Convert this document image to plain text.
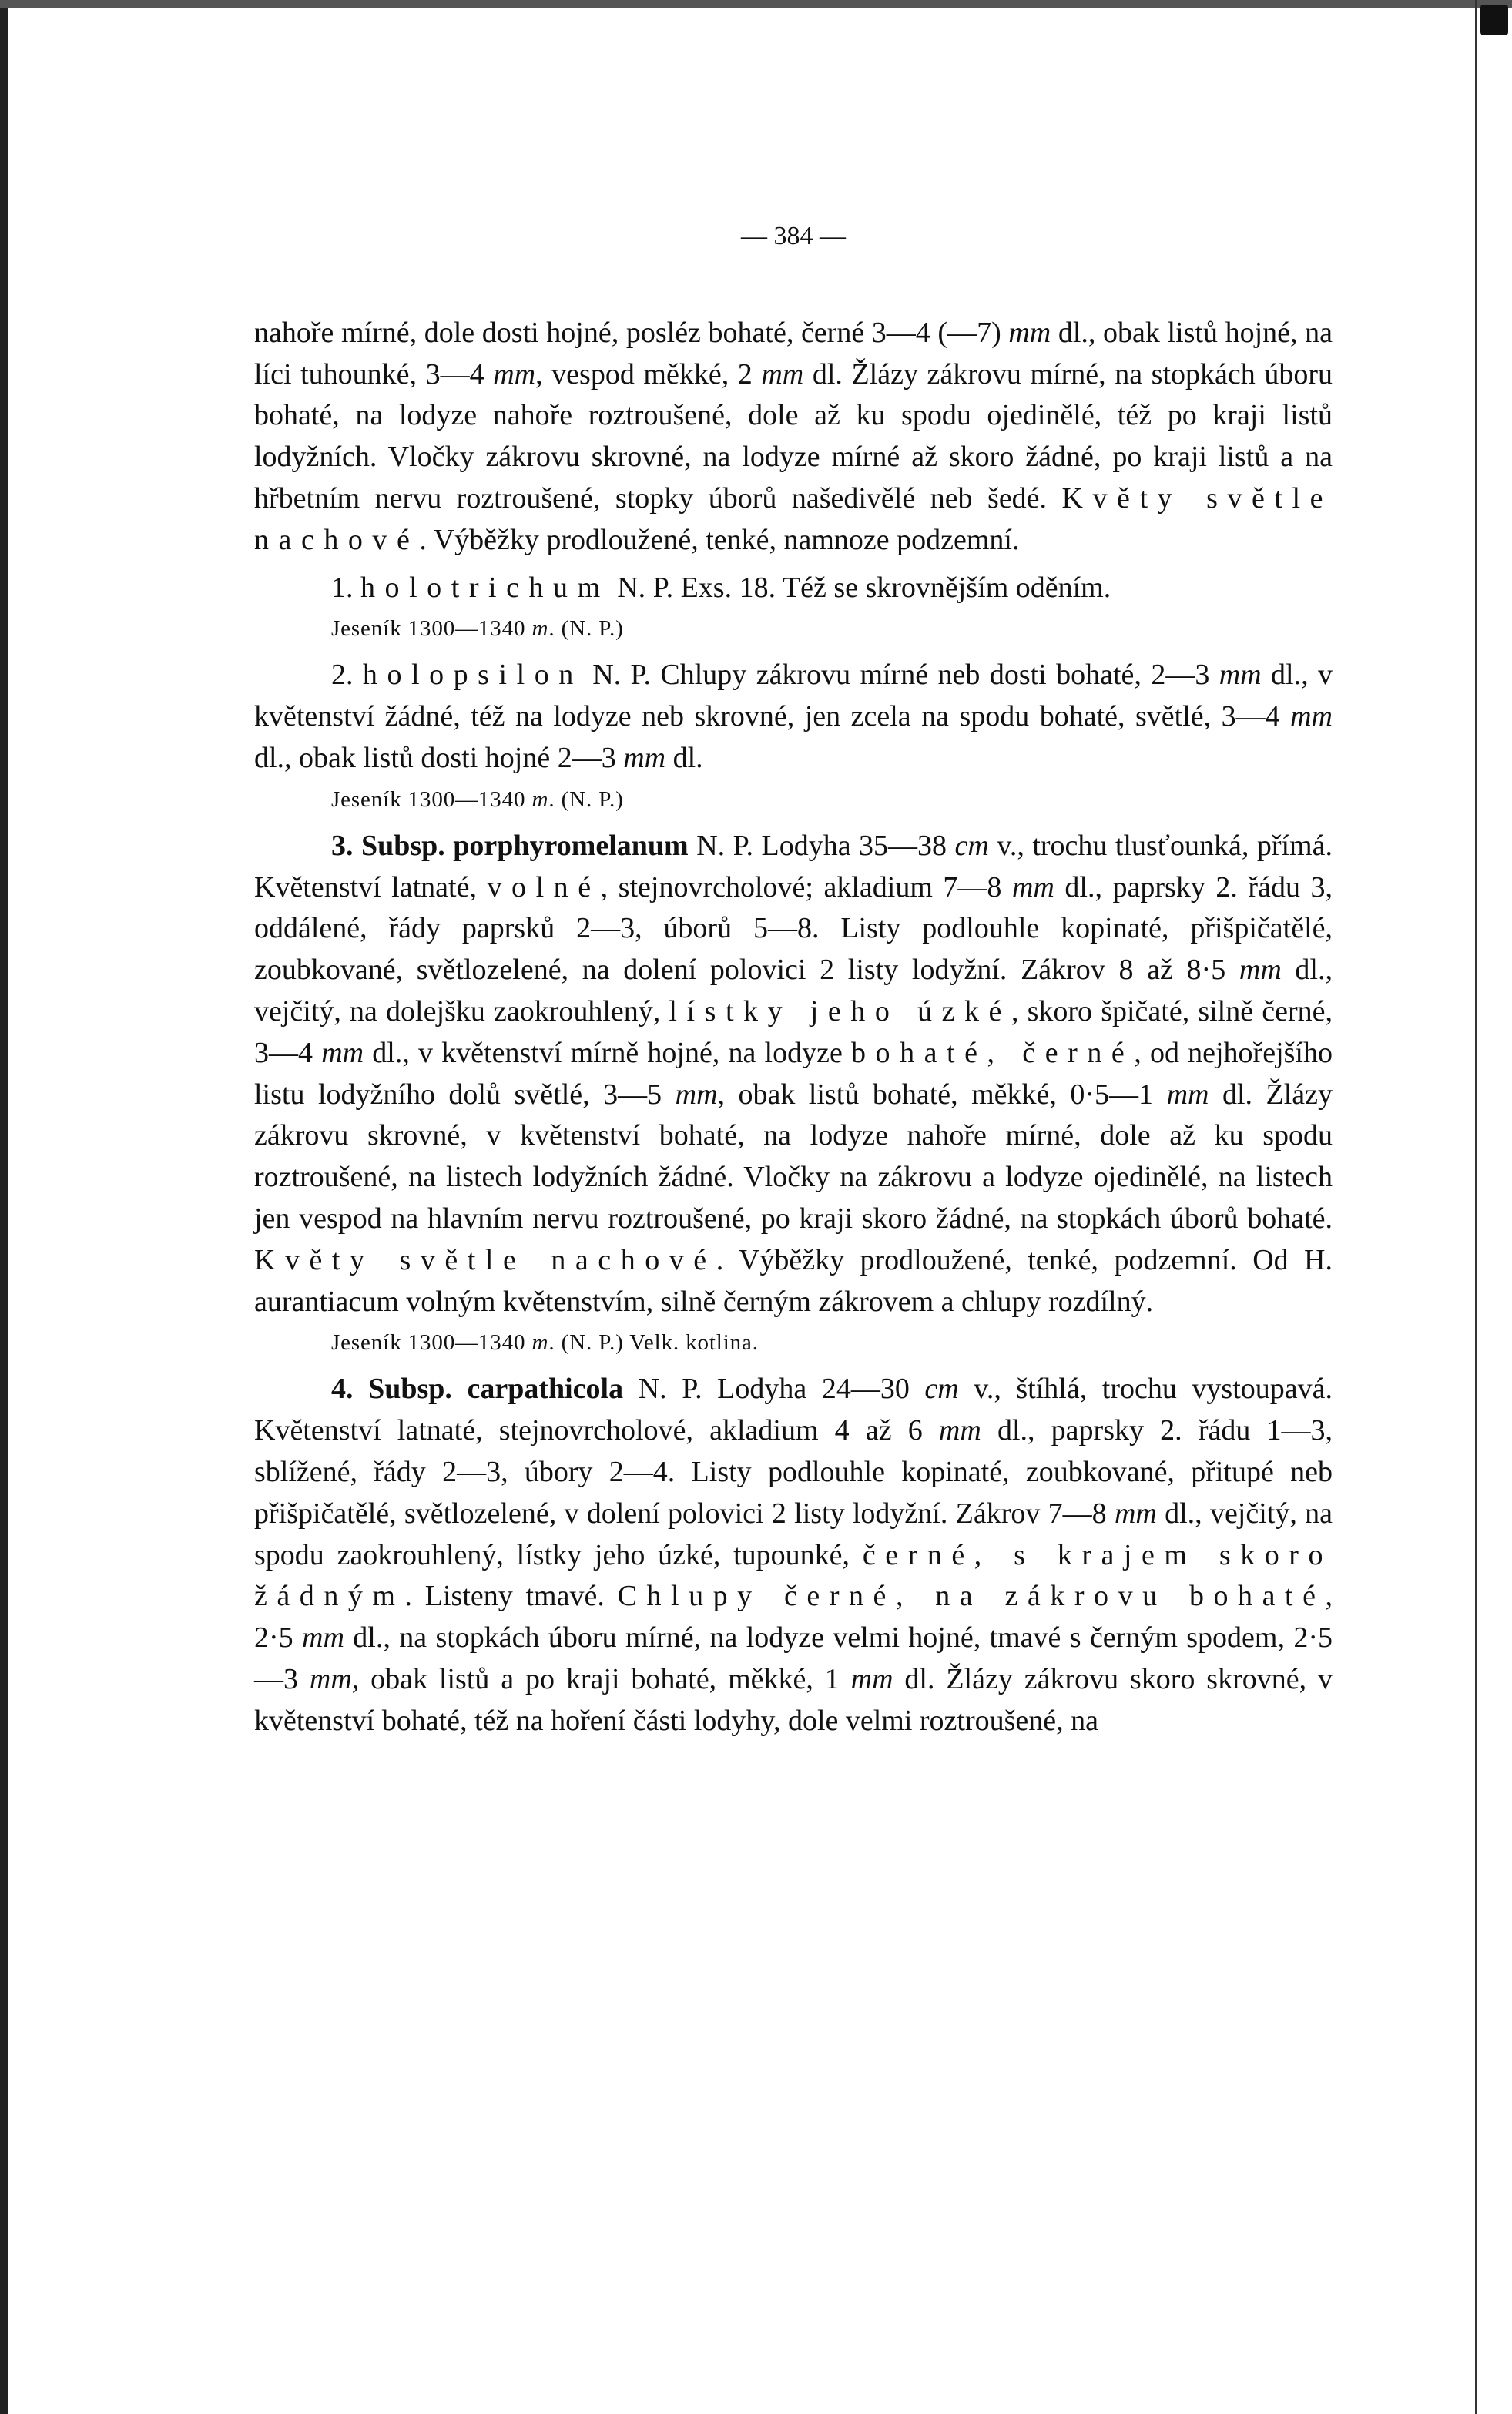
— 384 —

nahoře mírné, dole dosti hojné, posléz bohaté, černé 3—4 (—7) mm dl., obak listů hojné, na líci tuhounké, 3—4 mm, vespod měkké, 2 mm dl. Žlázy zákrovu mírné, na stopkách úboru bohaté, na lodyze nahoře roztroušené, dole až ku spodu ojedinělé, též po kraji listů lodyžních. Vločky zákrovu skrovné, na lodyze mírné až skoro žádné, po kraji listů a na hřbetním nervu roztroušené, stopky úborů našedivělé neb šedé. Květy světle nachové. Výběžky prodloužené, tenké, namnoze podzemní.

1. holotrichum N. P. Exs. 18. Též se skrovnějším oděním.

Jeseník 1300—1340 m. (N. P.)

2. holopsilon N. P. Chlupy zákrovu mírné neb dosti bohaté, 2—3 mm dl., v květenství žádné, též na lodyze neb skrovné, jen zcela na spodu bohaté, světlé, 3—4 mm dl., obak listů dosti hojné 2—3 mm dl.

Jeseník 1300—1340 m. (N. P.)

3. Subsp. porphyromelanum N. P. Lodyha 35—38 cm v., trochu tlusťounká, přímá. Květenství latnaté, volné, stejnovrcholové; akladium 7—8 mm dl., paprsky 2. řádu 3, oddálené, řády paprsků 2—3, úborů 5—8. Listy podlouhle kopinaté, přišpičatělé, zoubkované, světlozelené, na dolení polovici 2 listy lodyžní. Zákrov 8 až 8·5 mm dl., vejčitý, na dolejšku zaokrouhlený, lístky jeho úzké, skoro špičaté, silně černé, 3—4 mm dl., v květenství mírně hojné, na lodyze bohaté, černé, od nejhořejšího listu lodyžního dolů světlé, 3—5 mm, obak listů bohaté, měkké, 0·5—1 mm dl. Žlázy zákrovu skrovné, v květenství bohaté, na lodyze nahoře mírné, dole až ku spodu roztroušené, na listech lodyžních žádné. Vločky na zákrovu a lodyze ojedinělé, na listech jen vespod na hlavním nervu roztroušené, po kraji skoro žádné, na stopkách úborů bohaté. Květy světle nachové. Výběžky prodloužené, tenké, podzemní. Od H. aurantiacum volným květenstvím, silně černým zákrovem a chlupy rozdílný.

Jeseník 1300—1340 m. (N. P.) Velk. kotlina.

4. Subsp. carpathicola N. P. Lodyha 24—30 cm v., štíhlá, trochu vystoupavá. Květenství latnaté, stejnovrcholové, akladium 4 až 6 mm dl., paprsky 2. řádu 1—3, sblížené, řády 2—3, úbory 2—4. Listy podlouhle kopinaté, zoubkované, přitupé neb přišpičatělé, světlozelené, v dolení polovici 2 listy lodyžní. Zákrov 7—8 mm dl., vejčitý, na spodu zaokrouhlený, lístky jeho úzké, tupounké, černé, s krajem skoro žádným. Listeny tmavé. Chlupy černé, na zákrovu bohaté, 2·5 mm dl., na stopkách úboru mírné, na lodyze velmi hojné, tmavé s černým spodem, 2·5—3 mm, obak listů a po kraji bohaté, měkké, 1 mm dl. Žlázy zákrovu skoro skrovné, v květenství bohaté, též na hoření části lodyhy, dole velmi roztroušené, na
